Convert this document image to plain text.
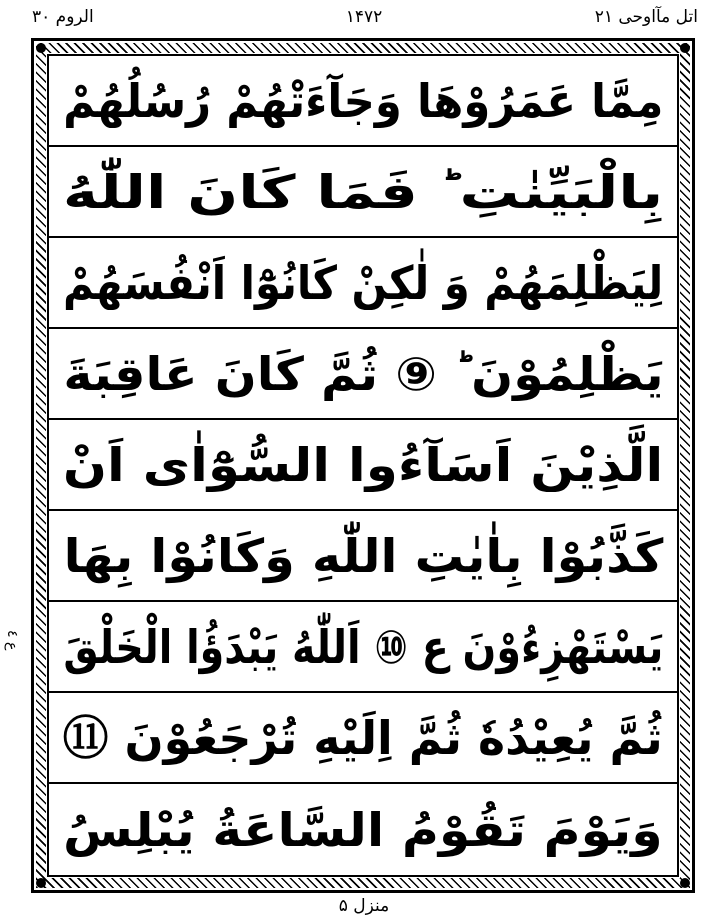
اتل مآاوحی ۲۱
۱۴۷۲
الروم ۳۰
مِمَّا عَمَرُوْهَا وَجَآءَتْهُمْ رُسُلُهُمْ
بِالْبَيِّنٰتِ ؕ فَمَا كَانَ اللّٰهُ
لِيَظْلِمَهُمْ وَ لٰكِنْ كَانُوْٓا اَنْفُسَهُمْ
يَظْلِمُوْنَ ؕ ⑨ ثُمَّ كَانَ عَاقِبَةَ
الَّذِيْنَ اَسَآءُوا السُّوْٓاٰى اَنْ
كَذَّبُوْا بِاٰيٰتِ اللّٰهِ وَكَانُوْا بِهَا
يَسْتَهْزِءُوْنَ ع ⑩ اَللّٰهُ يَبْدَؤُا الْخَلْقَ
ثُمَّ يُعِيْدُهٗ ثُمَّ اِلَيْهِ تُرْجَعُوْنَ ⑪
وَيَوْمَ تَقُوْمُ السَّاعَةُ يُبْلِسُ
ع ٤
منزل ۵
